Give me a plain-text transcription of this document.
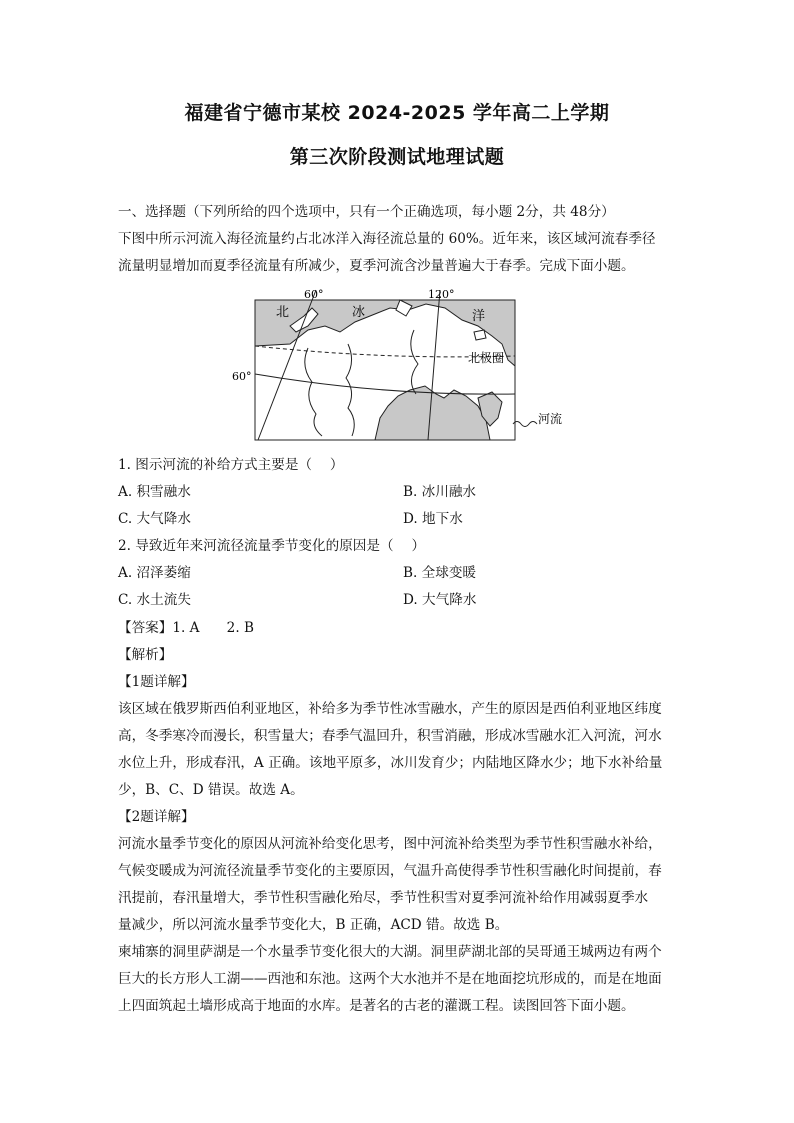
福建省宁德市某校 2024-2025 学年高二上学期
第三次阶段测试地理试题
一、选择题（下列所给的四个选项中，只有一个正确选项，每小题 2分，共 48分）
下图中所示河流入海径流量约占北冰洋入海径流总量的 60%。近年来，该区域河流春季径
流量明显增加而夏季径流量有所减少，夏季河流含沙量普遍大于春季。完成下面小题。
60°	120°
60°
北	冰	洋
北极圈
河流
1. 图示河流的补给方式主要是（　 ）
A. 积雪融水	B. 冰川融水
C. 大气降水	D. 地下水
2. 导致近年来河流径流量季节变化的原因是（　 ）
A. 沼泽萎缩	B. 全球变暖
C. 水土流失	D. 大气降水
【答案】1. A　　2. B
【解析】
【1题详解】
该区域在俄罗斯西伯利亚地区，补给多为季节性冰雪融水，产生的原因是西伯利亚地区纬度
高，冬季寒冷而漫长，积雪量大；春季气温回升，积雪消融，形成冰雪融水汇入河流，河水
水位上升，形成春汛，A 正确。该地平原多，冰川发育少；内陆地区降水少；地下水补给量
少，B、C、D 错误。故选 A。
【2题详解】
河流水量季节变化的原因从河流补给变化思考，图中河流补给类型为季节性积雪融水补给，
气候变暖成为河流径流量季节变化的主要原因，气温升高使得季节性积雪融化时间提前，春
汛提前，春汛量增大，季节性积雪融化殆尽，季节性积雪对夏季河流补给作用减弱夏季水
量减少，所以河流水量季节变化大，B 正确，ACD 错。故选 B。
柬埔寨的洞里萨湖是一个水量季节变化很大的大湖。洞里萨湖北部的吴哥通王城两边有两个
巨大的长方形人工湖——西池和东池。这两个大水池并不是在地面挖坑形成的，而是在地面
上四面筑起土墙形成高于地面的水库。是著名的古老的灌溉工程。读图回答下面小题。
